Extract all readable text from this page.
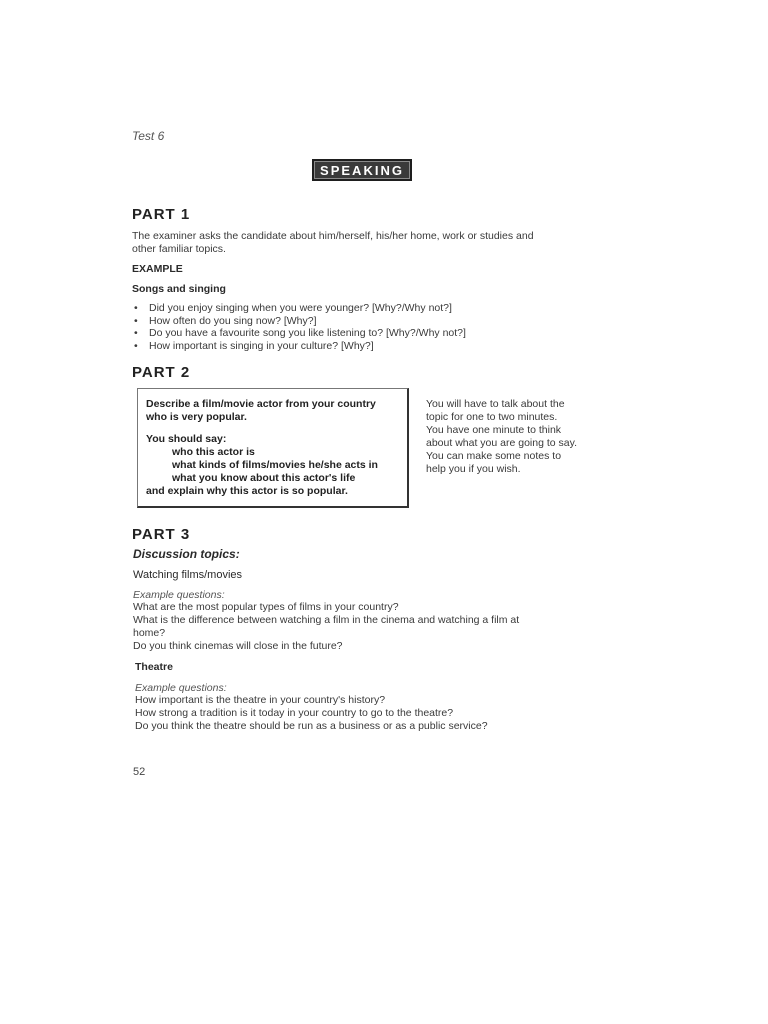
Test 6
SPEAKING
PART 1
The examiner asks the candidate about him/herself, his/her home, work or studies and
other familiar topics.
EXAMPLE
Songs and singing
• Did you enjoy singing when you were younger? [Why?/Why not?]
• How often do you sing now? [Why?]
• Do you have a favourite song you like listening to? [Why?/Why not?]
• How important is singing in your culture? [Why?]
PART 2
Describe a film/movie actor from your country
who is very popular.
You should say:
who this actor is
what kinds of films/movies he/she acts in
what you know about this actor's life
and explain why this actor is so popular.
You will have to talk about the
topic for one to two minutes.
You have one minute to think
about what you are going to say.
You can make some notes to
help you if you wish.
PART 3
Discussion topics:
Watching films/movies
Example questions:
What are the most popular types of films in your country?
What is the difference between watching a film in the cinema and watching a film at
home?
Do you think cinemas will close in the future?
Theatre
Example questions:
How important is the theatre in your country's history?
How strong a tradition is it today in your country to go to the theatre?
Do you think the theatre should be run as a business or as a public service?
52
